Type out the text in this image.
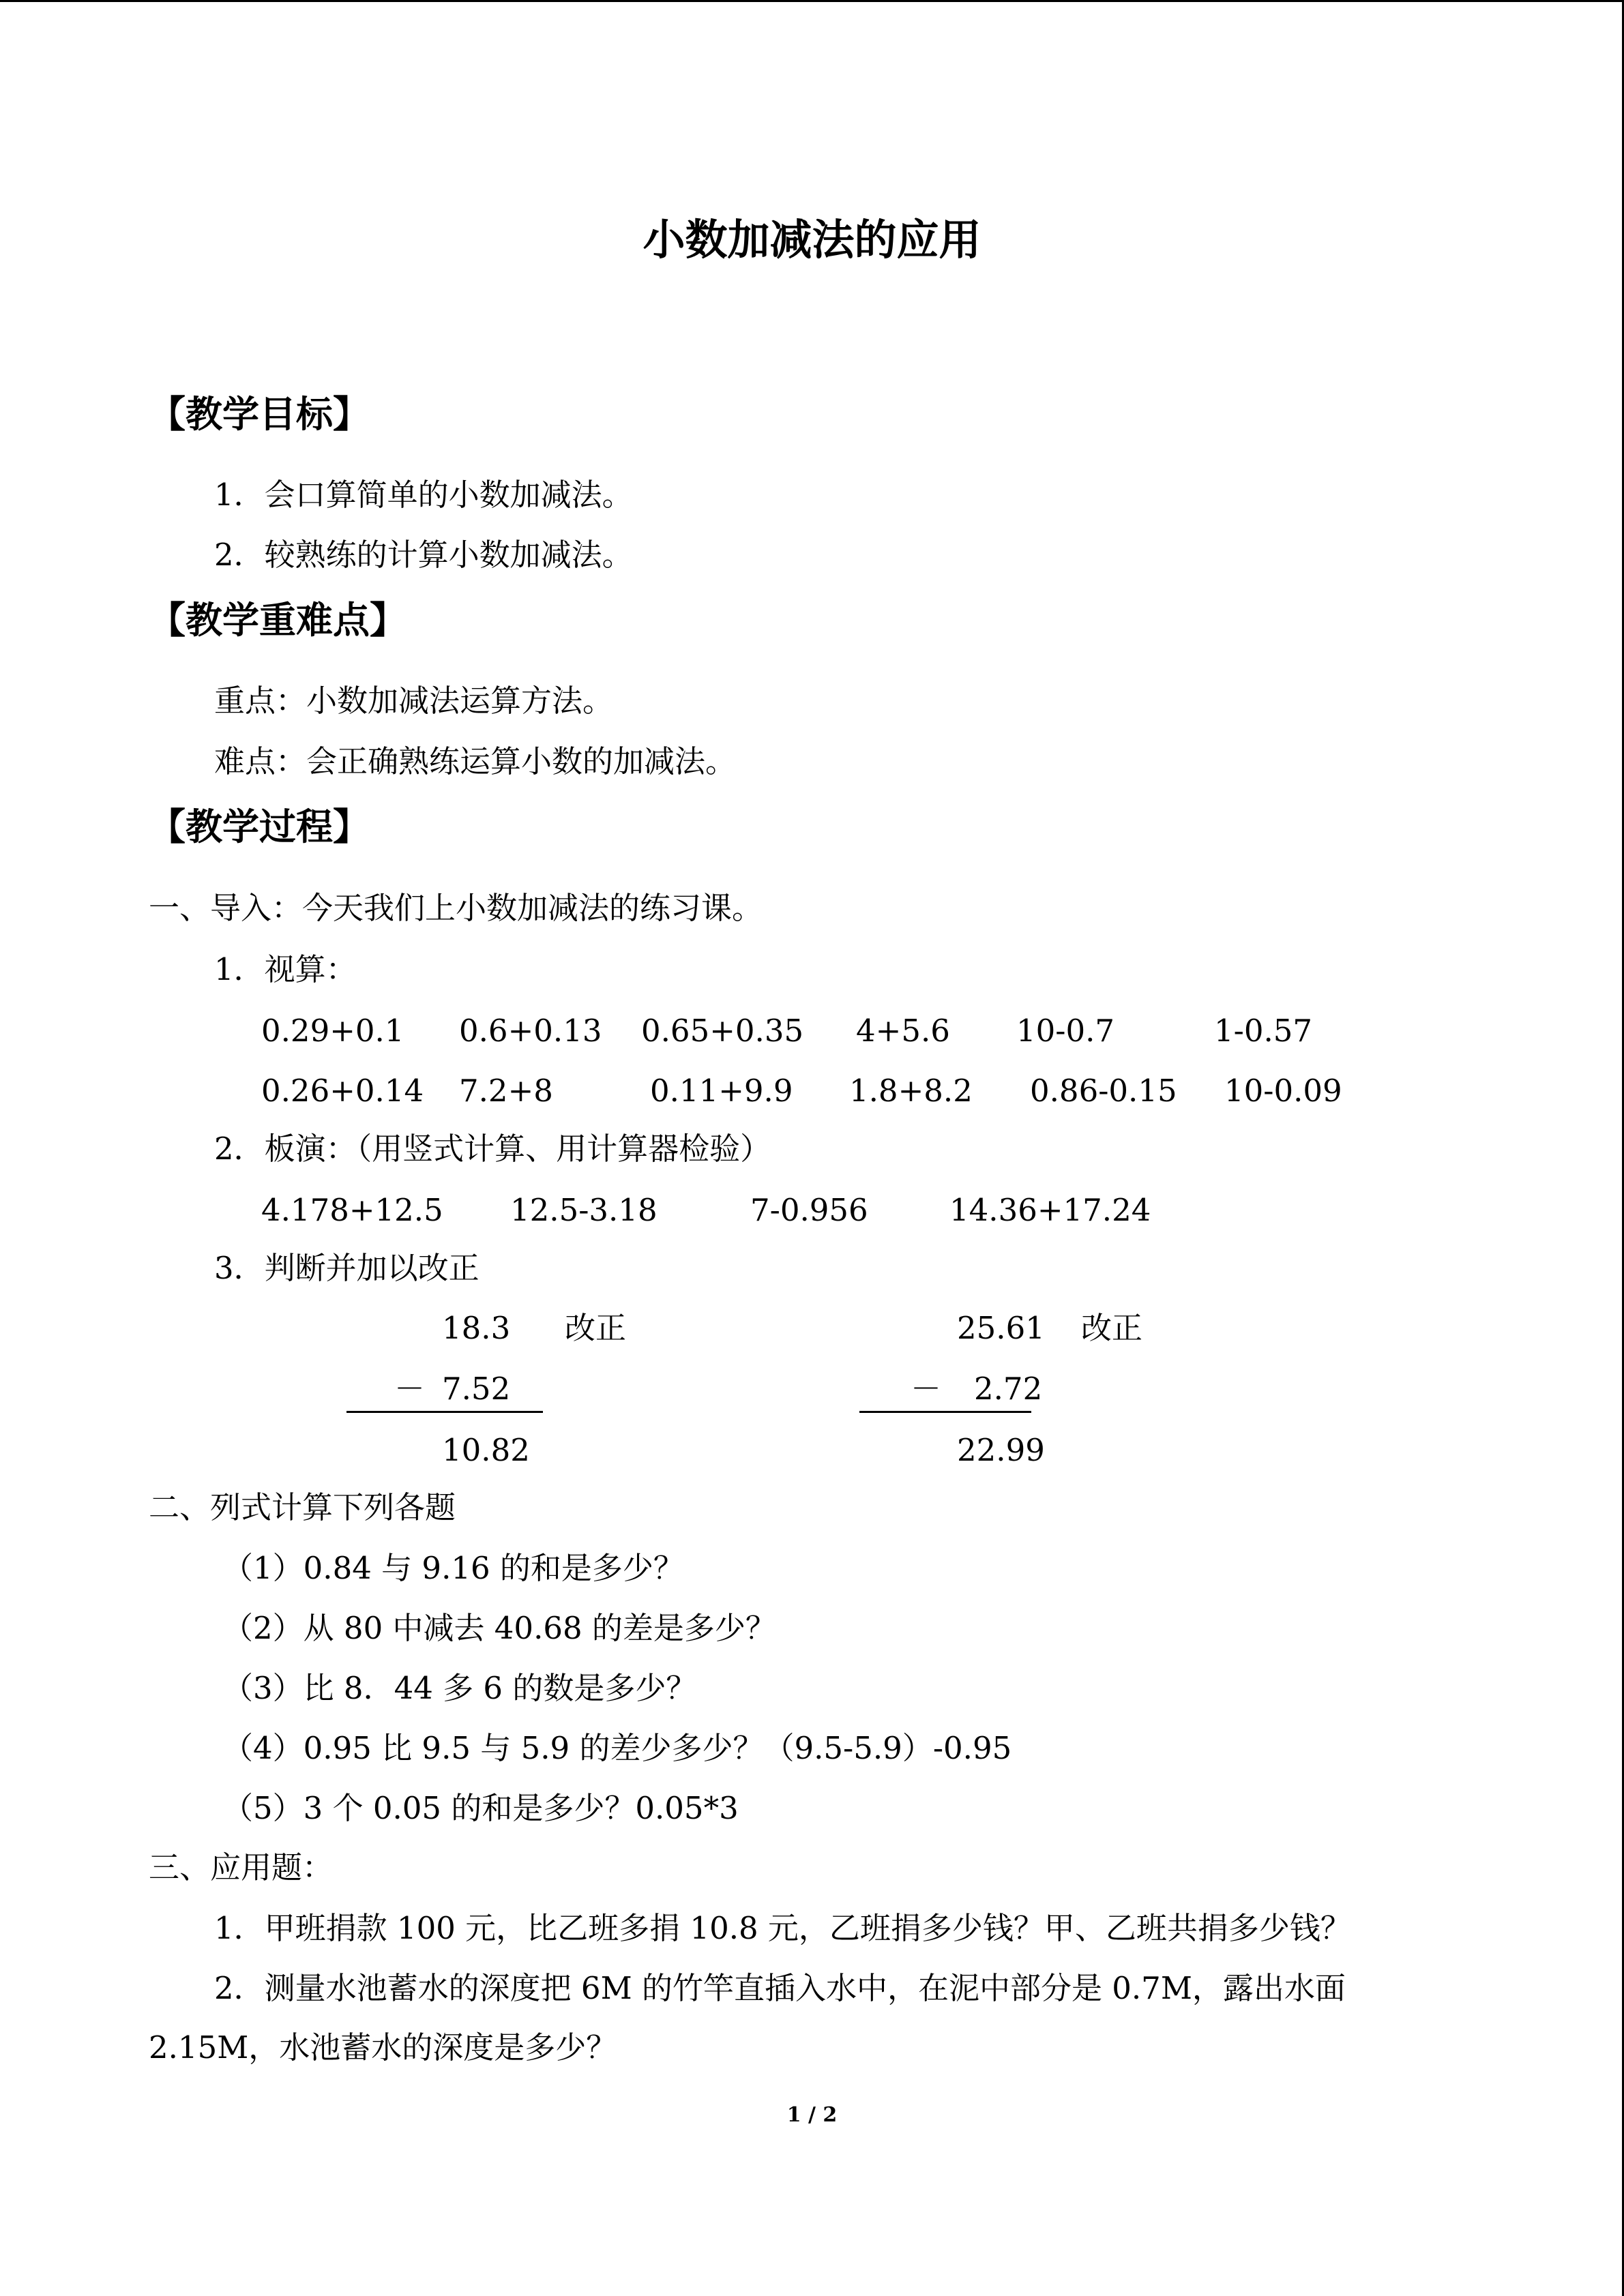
小数加减法的应用
【教学目标】
1．会口算简单的小数加减法。
2．较熟练的计算小数加减法。
【教学重难点】
重点：小数加减法运算方法。
难点：会正确熟练运算小数的加减法。
【教学过程】
一、导入：今天我们上小数加减法的练习课。
1．视算：
0.29+0.1 0.6+0.13 0.65+0.35 4+5.6 10-0.7	1-0.57
0.26+0.14 7.2+8	0.11+9.9 1.8+8.2 0.86-0.15 10-0.09
2．板演：（用竖式计算、用计算器检验）
4.178+12.5 12.5-3.18	7-0.956	14.36+17.24
3．判断并加以改正
18.3 改正
－ 7.52
10.82
25.61 改正
－ 2.72
22.99
二、列式计算下列各题
（1）0.84 与 9.16 的和是多少？
（2）从 80 中减去 40.68 的差是多少？
（3）比 8．44 多 6 的数是多少？
（4）0.95 比 9.5 与 5.9 的差少多少？（9.5-5.9）-0.95
（5）3 个 0.05 的和是多少？0.05*3
三、应用题：
1．甲班捐款 100 元，比乙班多捐 10.8 元，乙班捐多少钱？甲、乙班共捐多少钱？
2．测量水池蓄水的深度把 6M 的竹竿直插入水中，在泥中部分是 0.7M，露出水面
2.15M，水池蓄水的深度是多少？
1 / 2
